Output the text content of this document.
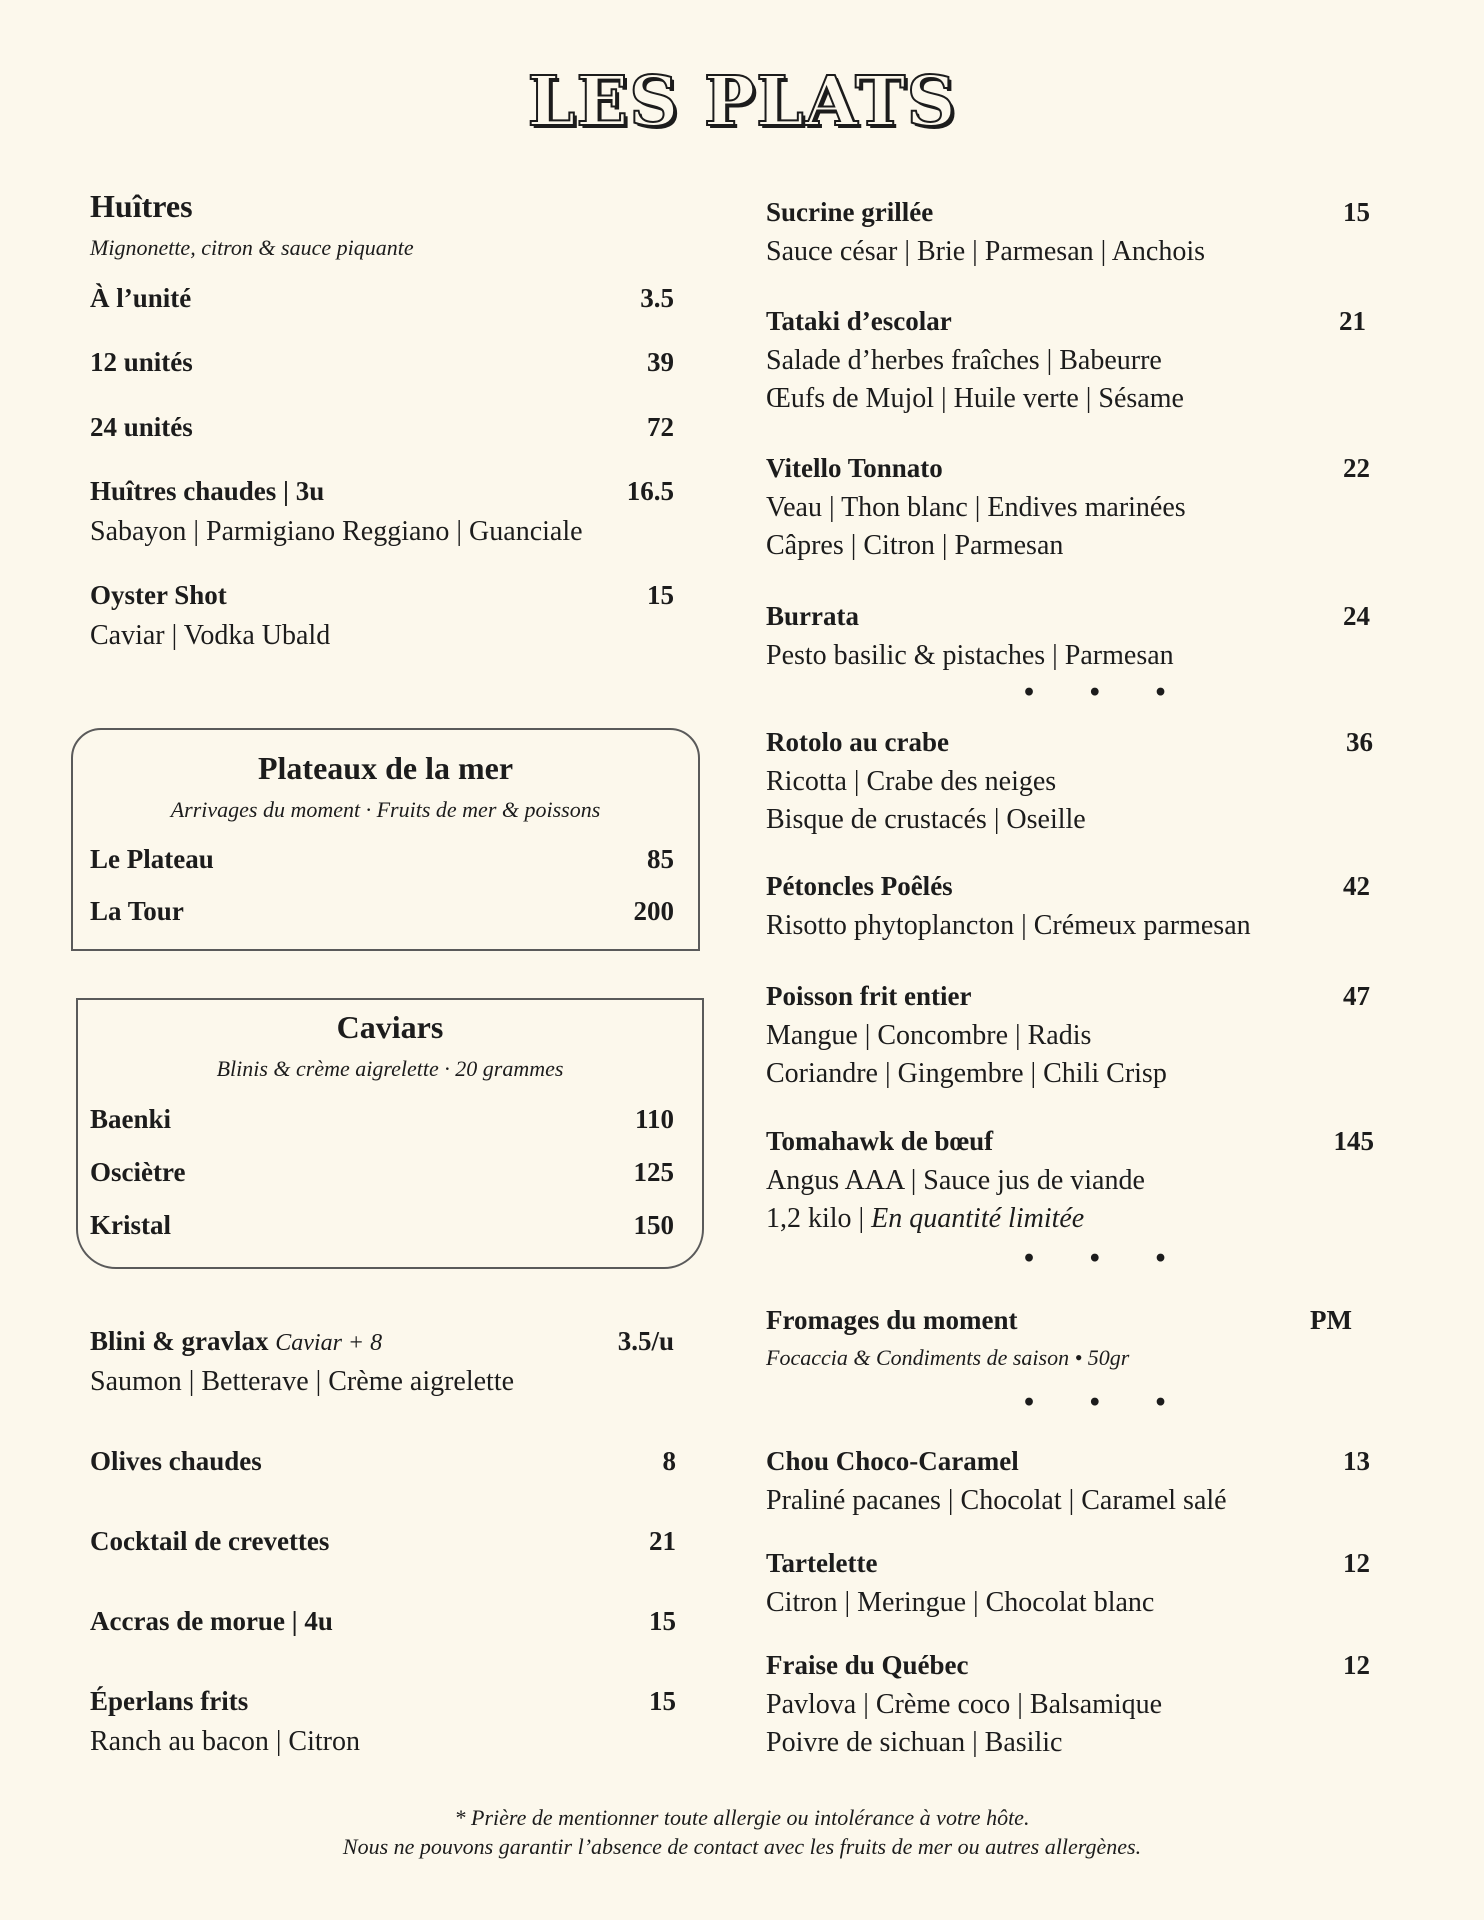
LES PLATS
Huîtres
Mignonette, citron & sauce piquante
À l’unité	3.5
12 unités	39
24 unités	72
Huîtres chaudes | 3u	16.5
Sabayon | Parmigiano Reggiano | Guanciale
Oyster Shot	15
Caviar | Vodka Ubald
Plateaux de la mer
Arrivages du moment · Fruits de mer & poissons
Le Plateau	85
La Tour	200
Caviars
Blinis & crème aigrelette · 20 grammes
Baenki	110
Osciètre	125
Kristal	150
Blini & gravlax Caviar + 8	3.5/u
Saumon | Betterave | Crème aigrelette
Olives chaudes	8
Cocktail de crevettes	21
Accras de morue | 4u	15
Éperlans frits	15
Ranch au bacon | Citron
Sucrine grillée	15
Sauce césar | Brie | Parmesan | Anchois
Tataki d’escolar	21
Salade d’herbes fraîches | Babeurre
Œufs de Mujol | Huile verte | Sésame
Vitello Tonnato	22
Veau | Thon blanc | Endives marinées
Câpres | Citron | Parmesan
Burrata	24
Pesto basilic & pistaches | Parmesan
• • •
Rotolo au crabe	36
Ricotta | Crabe des neiges
Bisque de crustacés | Oseille
Pétoncles Poêlés	42
Risotto phytoplancton | Crémeux parmesan
Poisson frit entier	47
Mangue | Concombre | Radis
Coriandre | Gingembre | Chili Crisp
Tomahawk de bœuf	145
Angus AAA | Sauce jus de viande
1,2 kilo | En quantité limitée
• • •
Fromages du moment	PM
Focaccia & Condiments de saison • 50gr
• • •
Chou Choco-Caramel	13
Praliné pacanes | Chocolat | Caramel salé
Tartelette	12
Citron | Meringue | Chocolat blanc
Fraise du Québec	12
Pavlova | Crème coco | Balsamique
Poivre de sichuan | Basilic
* Prière de mentionner toute allergie ou intolérance à votre hôte.
Nous ne pouvons garantir l’absence de contact avec les fruits de mer ou autres allergènes.
